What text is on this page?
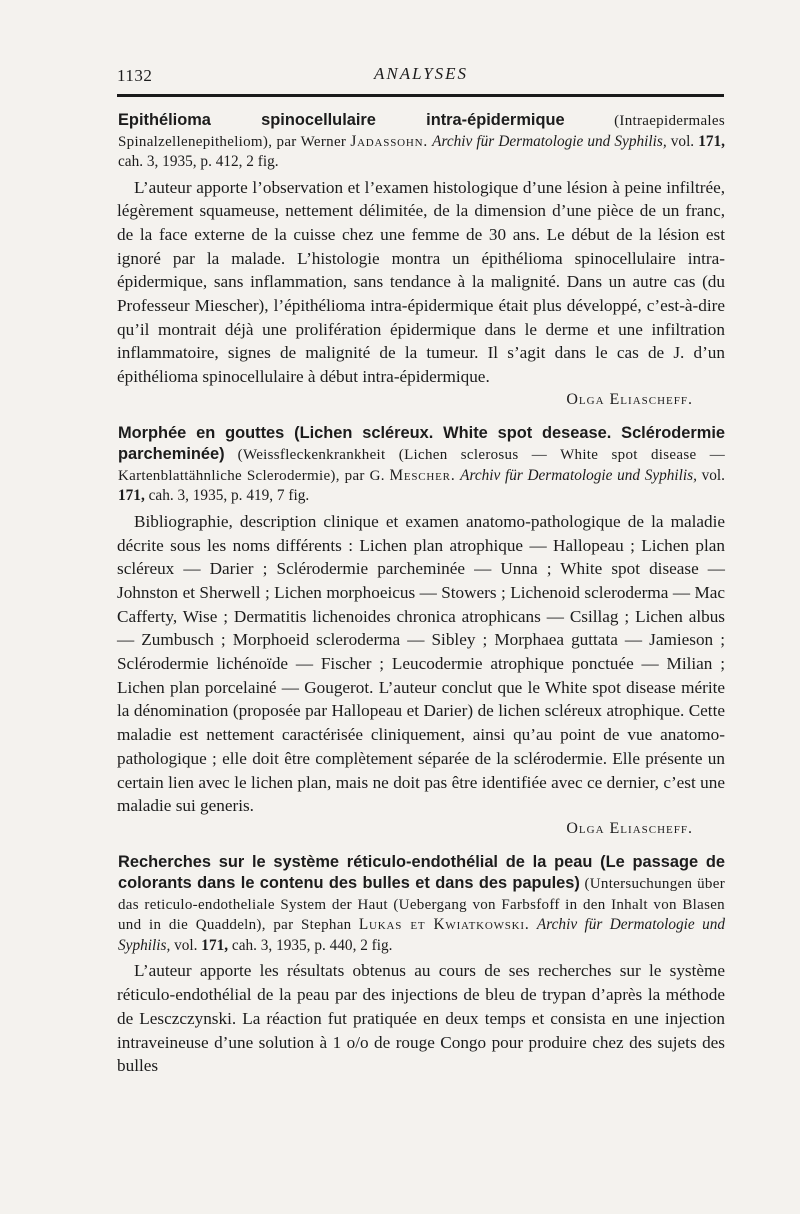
1132	ANALYSES
Epithélioma spinocellulaire intra-épidermique	(Intraepidermales Spinalzellenepitheliom), par Werner Jadassohn. Archiv für Dermatologie und Syphilis, vol. 171, cah. 3, 1935, p. 412, 2 fig.

L’auteur apporte l’observation et l’examen histologique d’une lésion à peine infiltrée, légèrement squameuse, nettement délimitée, de la dimension d’une pièce de un franc, de la face externe de la cuisse chez une femme de 30 ans. Le début de la lésion est ignoré par la malade. L’histologie montra un épithélioma spinocellulaire intra-épidermique, sans inflammation, sans tendance à la malignité. Dans un autre cas (du Professeur Miescher), l’épithélioma intra-épidermique était plus développé, c’est-à-dire qu’il montrait déjà une prolifération épidermique dans le derme et une infiltration inflammatoire, signes de malignité de la tumeur. Il s’agit dans le cas de J. d’un épithélioma spinocellulaire à début intra-épidermique.

Olga Eliascheff.
Morphée en gouttes (Lichen scléreux. White spot desease. Sclérodermie parcheminée) (Weissfleckenkrankheit (Lichen sclerosus — White spot disease — Kartenblattähnliche Sclerodermie), par G. Mescher. Archiv für Dermatologie und Syphilis, vol. 171, cah. 3, 1935, p. 419, 7 fig.

Bibliographie, description clinique et examen anatomo-pathologique de la maladie décrite sous les noms différents : Lichen plan atrophique — Hallopeau ; Lichen plan scléreux — Darier ; Sclérodermie parcheminée — Unna ; White spot disease — Johnston et Sherwell ; Lichen morphoeicus — Stowers ; Lichenoid scleroderma — Mac Cafferty, Wise ; Dermatitis lichenoides chronica atrophicans — Csillag ; Lichen albus — Zumbusch ; Morphoeid scleroderma — Sibley ; Morphaea guttata — Jamieson ; Sclérodermie lichénoïde — Fischer ; Leucodermie atrophique ponctuée — Milian ; Lichen plan porcelainé — Gougerot. L’auteur conclut que le White spot disease mérite la dénomination (proposée par Hallopeau et Darier) de lichen scléreux atrophique. Cette maladie est nettement caractérisée cliniquement, ainsi qu’au point de vue anatomo-pathologique ; elle doit être complètement séparée de la sclérodermie. Elle présente un certain lien avec le lichen plan, mais ne doit pas être identifiée avec ce dernier, c’est une maladie sui generis.

Olga Eliascheff.
Recherches sur le système réticulo-endothélial de la peau (Le passage de colorants dans le contenu des bulles et dans des papules) (Untersuchungen über das reticulo-endotheliale System der Haut (Uebergang von Farbsfoff in den Inhalt von Blasen und in die Quaddeln), par Stephan Lukas et Kwiatkowski. Archiv für Dermatologie und Syphilis, vol. 171, cah. 3, 1935, p. 440, 2 fig.

L’auteur apporte les résultats obtenus au cours de ses recherches sur le système réticulo-endothélial de la peau par des injections de bleu de trypan d’après la méthode de Lesczczynski. La réaction fut pratiquée en deux temps et consista en une injection intraveineuse d’une solution à 1 o/o de rouge Congo pour produire chez des sujets des bulles
